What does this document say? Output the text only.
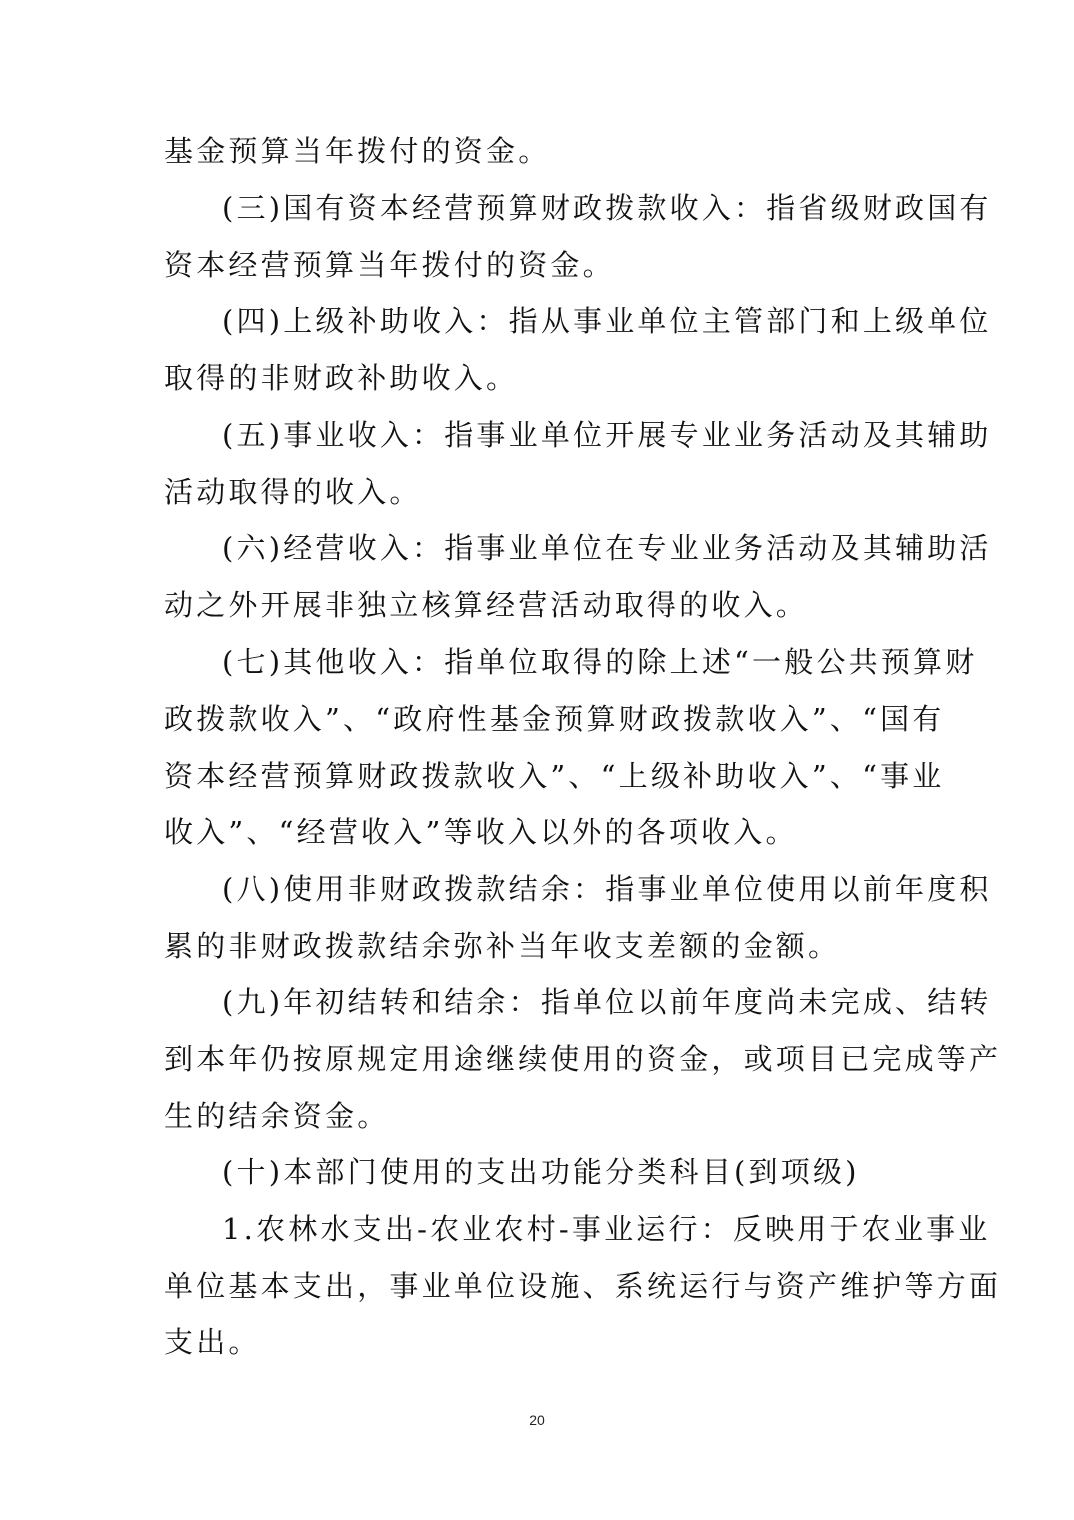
基金预算当年拨付的资金。
(三)国有资本经营预算财政拨款收入：指省级财政国有
资本经营预算当年拨付的资金。
(四)上级补助收入：指从事业单位主管部门和上级单位
取得的非财政补助收入。
(五)事业收入：指事业单位开展专业业务活动及其辅助
活动取得的收入。
(六)经营收入：指事业单位在专业业务活动及其辅助活
动之外开展非独立核算经营活动取得的收入。
(七)其他收入：指单位取得的除上述“一般公共预算财
政拨款收入”、“政府性基金预算财政拨款收入”、“国有
资本经营预算财政拨款收入”、“上级补助收入”、“事业
收入”、“经营收入”等收入以外的各项收入。
(八)使用非财政拨款结余：指事业单位使用以前年度积
累的非财政拨款结余弥补当年收支差额的金额。
(九)年初结转和结余：指单位以前年度尚未完成、结转
到本年仍按原规定用途继续使用的资金，或项目已完成等产
生的结余资金。
(十)本部门使用的支出功能分类科目(到项级)
1.农林水支出-农业农村-事业运行：反映用于农业事业
单位基本支出，事业单位设施、系统运行与资产维护等方面
支出。
20
